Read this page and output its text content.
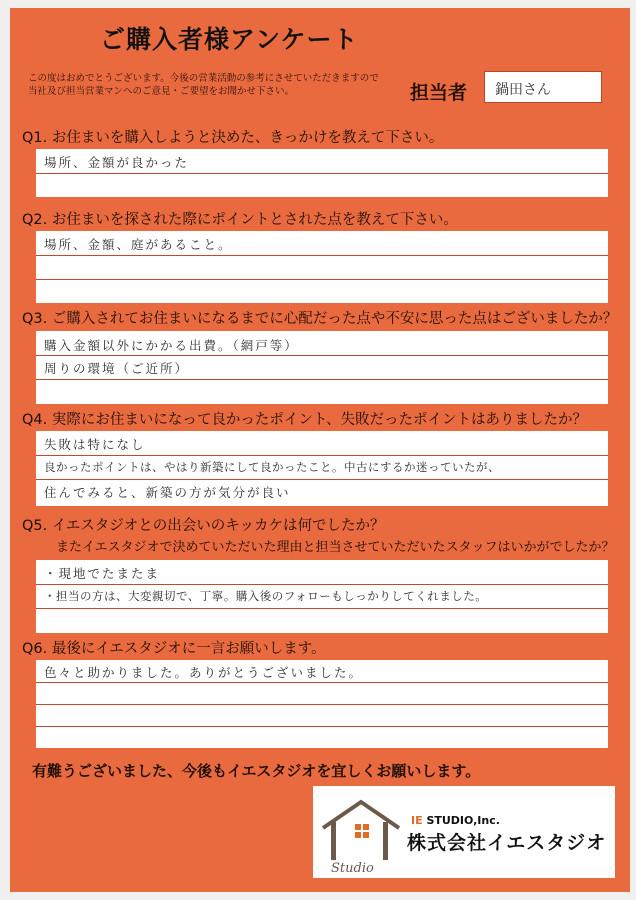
ご購入者様アンケート
この度はおめでとうございます。今後の営業活動の参考にさせていただきますので
当社及び担当営業マンへのご意見・ご要望をお聞かせ下さい。	担当者 鍋田さん
Q1. お住まいを購入しようと決めた、きっかけを教えて下さい。
場所、金額が良かった
Q2. お住まいを探された際にポイントとされた点を教えて下さい。
場所、金額、庭があること。
Q3. ご購入されてお住まいになるまでに心配だった点や不安に思った点はございましたか？
購入金額以外にかかる出費。（網戸等）
周りの環境（ご近所）
Q4. 実際にお住まいになって良かったポイント、失敗だったポイントはありましたか？
失敗は特になし
良かったポイントは、やはり新築にして良かったこと。中古にするか迷っていたが、
住んでみると、新築の方が気分が良い
Q5. イエスタジオとの出会いのキッカケは何でしたか？
またイエスタジオで決めていただいた理由と担当させていただいたスタッフはいかがでしたか？
・現地でたまたま
・担当の方は、大変親切で、丁寧。購入後のフォローもしっかりしてくれました。
Q6. 最後にイエスタジオに一言お願いします。
色々と助かりました。ありがとうございました。
有難うございました、今後もイエスタジオを宜しくお願いします。
Studio
IE STUDIO,Inc.
株式会社イエスタジオ
